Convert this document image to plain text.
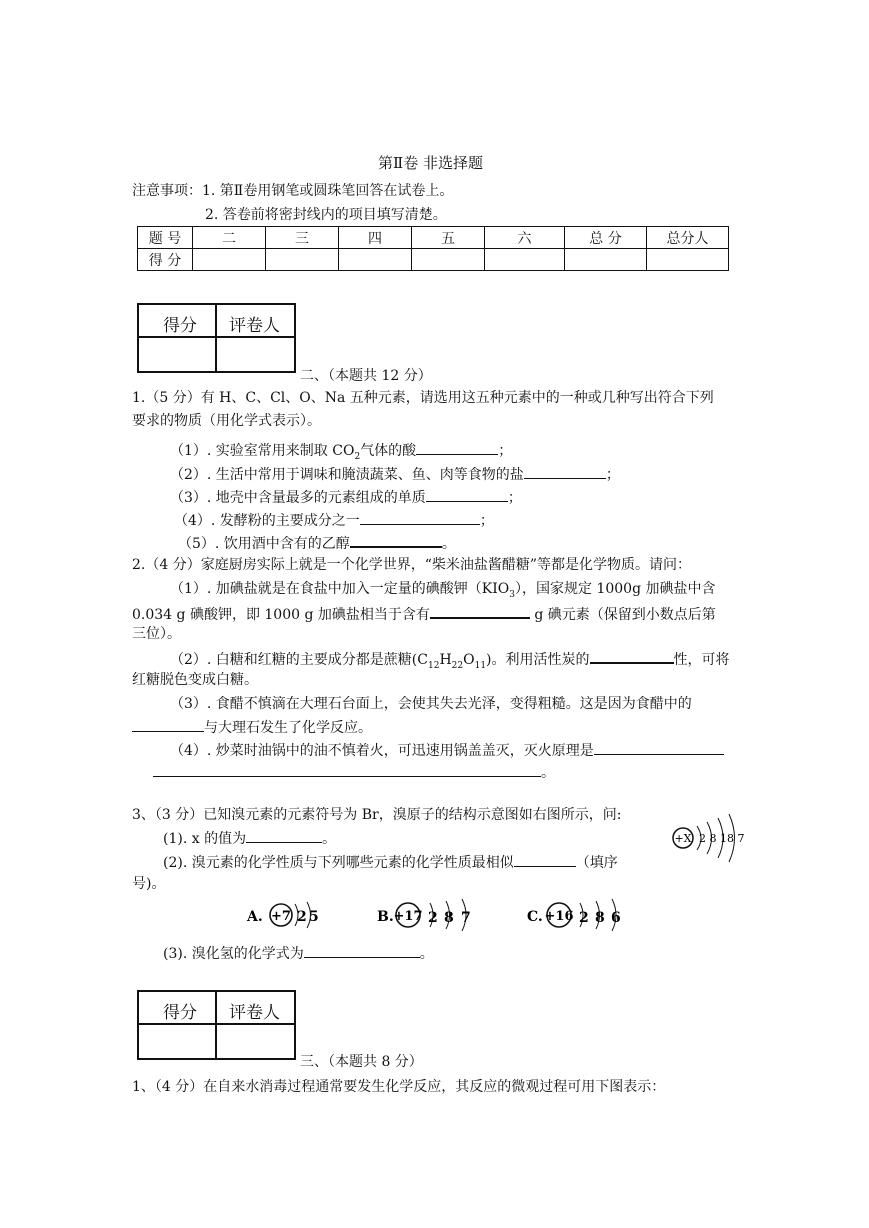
第Ⅱ卷 非选择题
注意事项：1. 第Ⅱ卷用钢笔或圆珠笔回答在试卷上。
2. 答卷前将密封线内的项目填写清楚。
题 号	二	三	四	五	六	总 分	总分人
得 分							
得分 评卷人
二、（本题共 12 分）
1.（5 分）有 H、C、Cl、O、Na 五种元素，请选用这五种元素中的一种或几种写出符合下列
要求的物质（用化学式表示）。
（1）. 实验室常用来制取 $CO_2$气体的酸	；
（2）. 生活中常用于调味和腌渍蔬菜、鱼、肉等食物的盐	；
（3）. 地壳中含量最多的元素组成的单质	；
（4）. 发酵粉的主要成分之一	；
（5）. 饮用酒中含有的乙醇	。
2.（4 分）家庭厨房实际上就是一个化学世界，“柴米油盐酱醋糖”等都是化学物质。请问：
（1）. 加碘盐就是在食盐中加入一定量的碘酸钾$(KIO_3)$，国家规定 1000g 加碘盐中含
0.034 g 碘酸钾，即 1000 g 加碘盐相当于含有	g 碘元素（保留到小数点后第
三位）。
（2）. 白糖和红糖的主要成分都是蔗糖$(C_{12}H_{22}O_{11})$。利用活性炭的	性，可将
红糖脱色变成白糖。
（3）. 食醋不慎滴在大理石台面上，会使其失去光泽，变得粗糙。这是因为食醋中的
与大理石发生了化学反应。
（4）. 炒菜时油锅中的油不慎着火，可迅速用锅盖盖灭，灭火原理是
。
3、（3 分）已知溴元素的元素符号为 Br，溴原子的结构示意图如右图所示，问:
(1). x 的值为	。
(2). 溴元素的化学性质与下列哪些元素的化学性质最相似	（填序
号)。
+X 2 8 18 7
A. +7 2 5	B. +17 2 8 7	C. +16 2 8 6
(3). 溴化氢的化学式为	。
得分 评卷人
三、（本题共 8 分）
1、（4 分）在自来水消毒过程通常要发生化学反应，其反应的微观过程可用下图表示：
